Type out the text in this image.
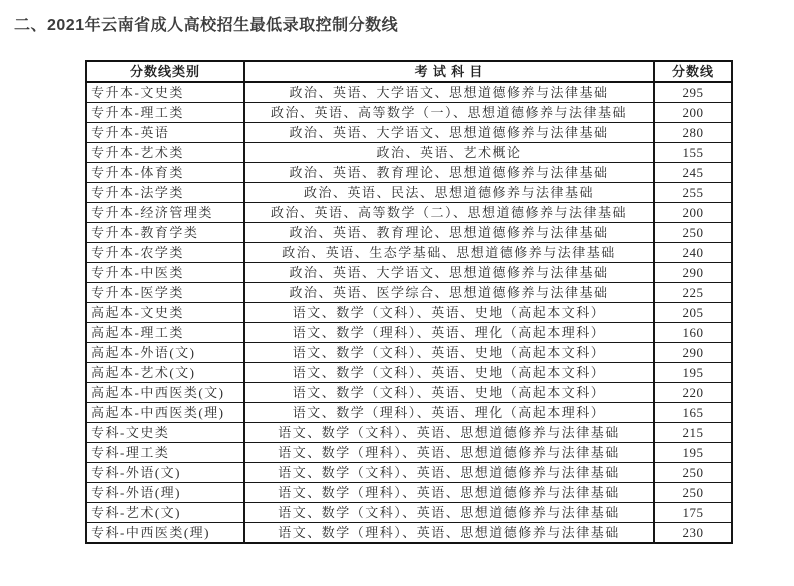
二、2021年云南省成人高校招生最低录取控制分数线
分数线类别	考 试 科 目	分数线
专升本-文史类	政治、英语、大学语文、思想道德修养与法律基础	295
专升本-理工类	政治、英语、高等数学（一）、思想道德修养与法律基础	200
专升本-英语	政治、英语、大学语文、思想道德修养与法律基础	280
专升本-艺术类	政治、英语、艺术概论	155
专升本-体育类	政治、英语、教育理论、思想道德修养与法律基础	245
专升本-法学类	政治、英语、民法、思想道德修养与法律基础	255
专升本-经济管理类	政治、英语、高等数学（二）、思想道德修养与法律基础	200
专升本-教育学类	政治、英语、教育理论、思想道德修养与法律基础	250
专升本-农学类	政治、英语、生态学基础、思想道德修养与法律基础	240
专升本-中医类	政治、英语、大学语文、思想道德修养与法律基础	290
专升本-医学类	政治、英语、医学综合、思想道德修养与法律基础	225
高起本-文史类	语文、数学（文科）、英语、史地（高起本文科）	205
高起本-理工类	语文、数学（理科）、英语、理化（高起本理科）	160
高起本-外语(文)	语文、数学（文科）、英语、史地（高起本文科）	290
高起本-艺术(文)	语文、数学（文科）、英语、史地（高起本文科）	195
高起本-中西医类(文)	语文、数学（文科）、英语、史地（高起本文科）	220
高起本-中西医类(理)	语文、数学（理科）、英语、理化（高起本理科）	165
专科-文史类	语文、数学（文科）、英语、思想道德修养与法律基础	215
专科-理工类	语文、数学（理科）、英语、思想道德修养与法律基础	195
专科-外语(文)	语文、数学（文科）、英语、思想道德修养与法律基础	250
专科-外语(理)	语文、数学（理科）、英语、思想道德修养与法律基础	250
专科-艺术(文)	语文、数学（文科）、英语、思想道德修养与法律基础	175
专科-中西医类(理)	语文、数学（理科）、英语、思想道德修养与法律基础	230
